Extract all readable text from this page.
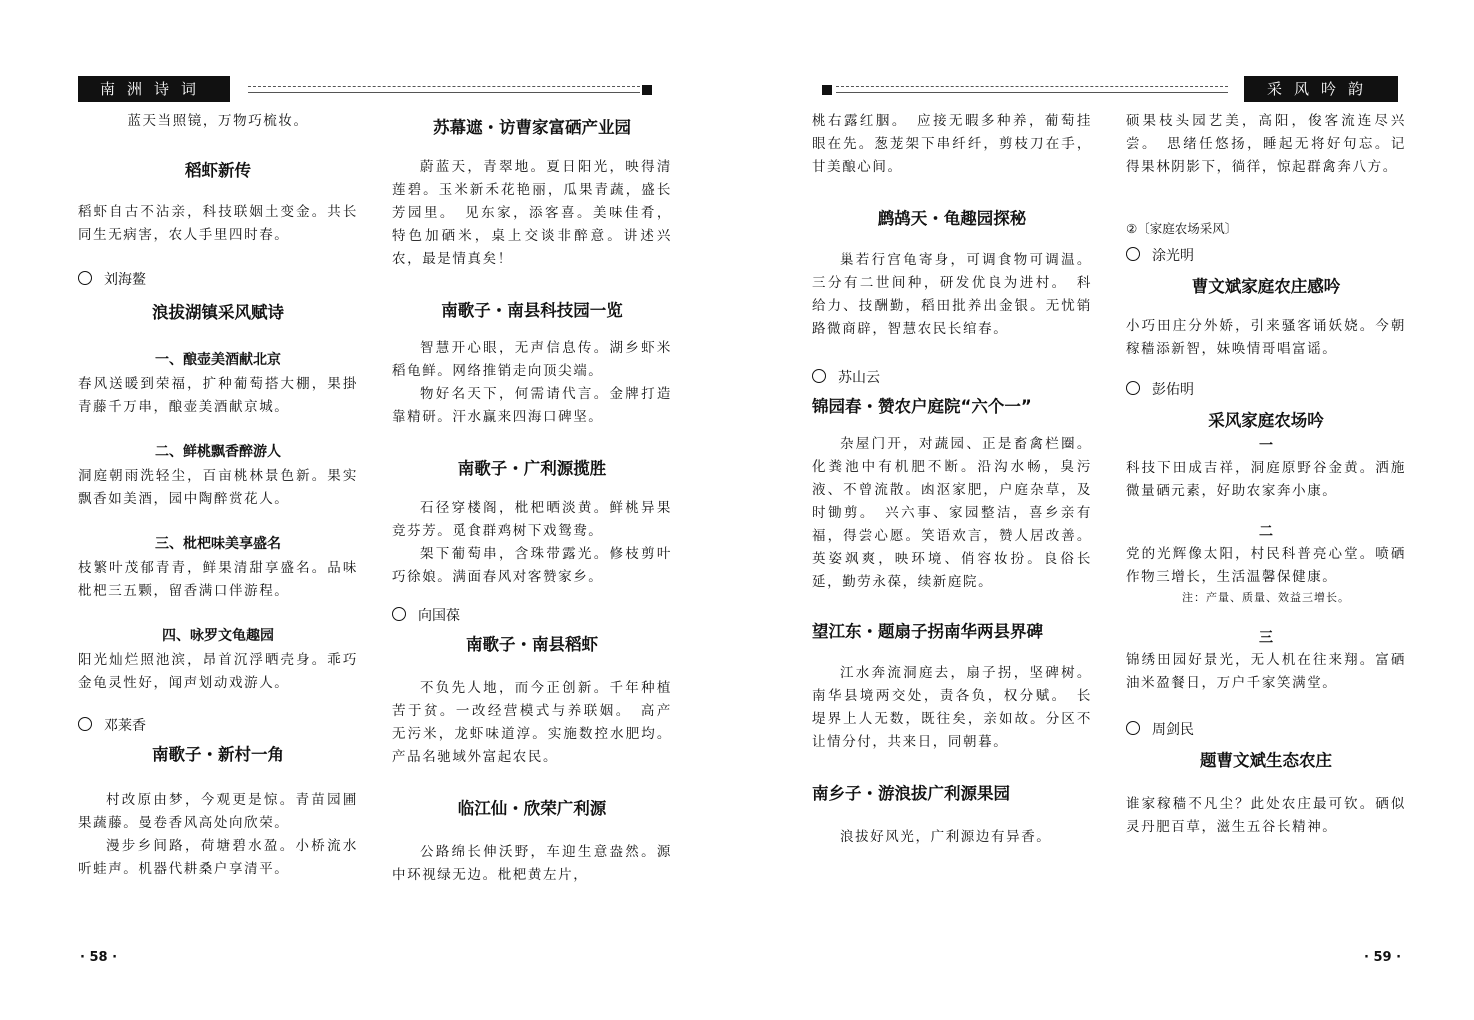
南洲诗词	采风吟韵

蓝天当照镜，万物巧梳妆。

稻虾新传

稻虾自古不沾亲，科技联姻土变金。共长同生无病害，农人手里四时春。

刘海鳌

浪拔湖镇采风赋诗

一、酿壶美酒献北京

春风送暖到荣福，扩种葡萄搭大棚，果掛青藤千万串，酿壶美酒献京城。

二、鲜桃飘香醉游人

洞庭朝雨洗轻尘，百亩桃林景色新。果实飘香如美酒，园中陶醉赏花人。

三、枇杷味美享盛名

枝繁叶茂郁青青，鲜果清甜享盛名。品味枇杷三五颗，留香满口伴游程。

四、咏罗文龟趣园

阳光灿烂照池滨，昂首沉浮晒壳身。乖巧金龟灵性好，闻声划动戏游人。

邓莱香

南歌子・新村一角

村改原由梦，今观更是惊。青苗园圃果蔬藤。曼卷香风高处向欣荣。

漫步乡间路，荷塘碧水盈。小桥流水听蛙声。机器代耕桑户享清平。

苏幕遮・访曹家富硒产业园

蔚蓝天，青翠地。夏日阳光，映得清莲碧。玉米新禾花艳丽，瓜果青蔬，盛长芳园里。　见东家，添客喜。美味佳肴，特色加硒米，桌上交谈非醉意。讲述兴农，最是情真矣！

南歌子・南县科技园一览

智慧开心眼，无声信息传。湖乡虾米稻龟鲜。网络推销走向顶尖端。

物好名天下，何需请代言。金牌打造靠精研。汗水赢来四海口碑坚。

南歌子・广利源揽胜

石径穿楼阁，枇杷晒淡黄。鲜桃异果竞芬芳。觅食群鸡树下戏鸳鸯。

架下葡萄串，含珠带露光。修枝剪叶巧徐娘。满面春风对客赞家乡。

向国葆

南歌子・南县稻虾

不负先人地，而今正创新。千年种植苦于贫。一改经营模式与养联姻。　高产无污米，龙虾味道淳。实施数控水肥均。产品名驰域外富起农民。

临江仙・欣荣广利源

公路绵长伸沃野，车迎生意盎然。源中环视绿无边。枇杷黄左片，

桃右露红胭。　应接无暇多种养，葡萄挂眼在先。葱茏架下串纤纤，剪枝刀在手，甘美酿心间。

鹧鸪天・龟趣园探秘

巢若行宫龟寄身，可调食物可调温。三分有二世间种，研发优良为进村。　科给力、技酬勤，稻田批养出金银。无忧销路微商辟，智慧农民长绾春。

苏山云

锦园春・赞农户庭院“六个一”

杂屋门开，对蔬园、正是畜禽栏圈。化粪池中有机肥不断。沿沟水畅，臭污液、不曾流散。凼沤家肥，户庭杂草，及时锄剪。　兴六事、家园整洁，喜乡亲有福，得尝心愿。笑语欢言，赞人居改善。英姿飒爽，映环境、俏容妆扮。良俗长延，勤劳永葆，续新庭院。

望江东・题扇子拐南华两县界碑

江水奔流洞庭去，扇子拐，坚碑树。南华县境两交处，责各负，权分赋。　长堤界上人无数，既往矣，亲如故。分区不让情分付，共来日，同朝暮。

南乡子・游浪拔广利源果园

浪拔好风光，广利源边有异香。

硕果枝头园艺美，高阳，俊客流连尽兴尝。　思绪任悠扬，睡起无将好句忘。记得果林阴影下，徜徉，惊起群禽奔八方。

②〔家庭农场采风〕

涂光明

曹文斌家庭农庄感吟

小巧田庄分外娇，引来骚客诵妖娆。今朝稼穑添新智，妹唤情哥唱富谣。

彭佑明

采风家庭农场吟

一

科技下田成吉祥，洞庭原野谷金黄。洒施微量硒元素，好助农家奔小康。

二

党的光辉像太阳，村民科普亮心堂。喷硒作物三增长，生活温馨保健康。

注：产量、质量、效益三增长。

三

锦绣田园好景光，无人机在往来翔。富硒油米盈餐日，万户千家笑满堂。

周剑民

题曹文斌生态农庄

谁家稼穑不凡尘？此处农庄最可钦。硒似灵丹肥百草，滋生五谷长精神。

· 58 ·	· 59 ·
